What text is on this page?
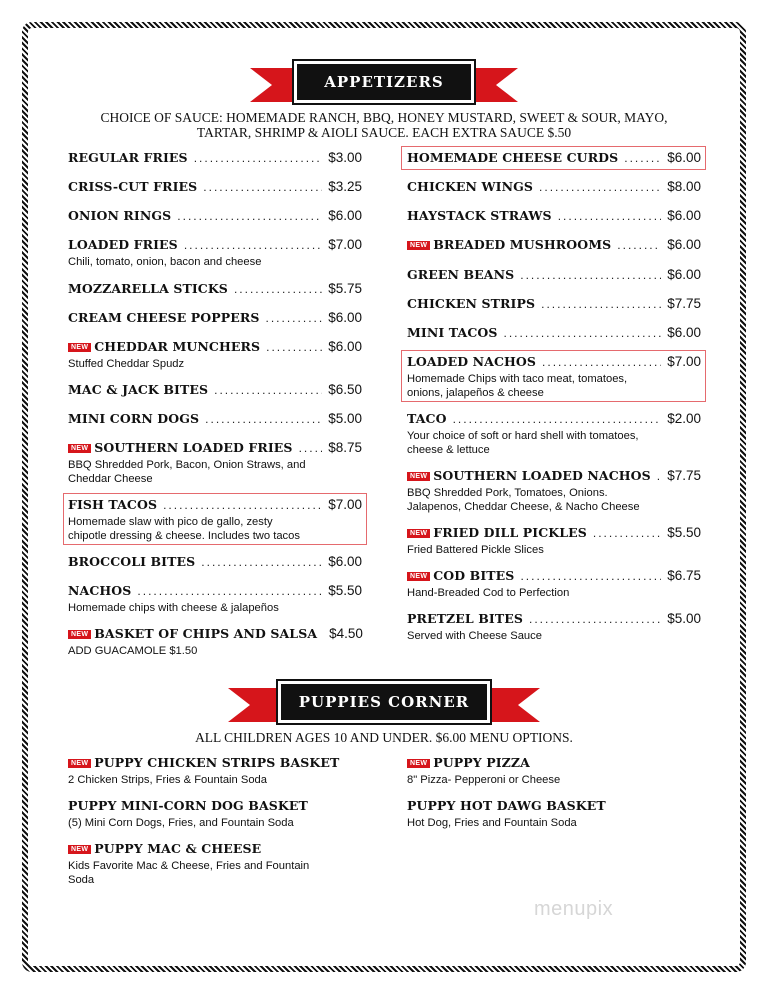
APPETIZERS
CHOICE OF SAUCE: HOMEMADE RANCH, BBQ, HONEY MUSTARD, SWEET & SOUR, MAYO,
TARTAR, SHRIMP & AIOLI SAUCE. EACH EXTRA SAUCE $.50
REGULAR FRIES .....	$3.00
CRISS-CUT FRIES .....	$3.25
ONION RINGS .....	$6.00
LOADED FRIES .....	$7.00
Chili, tomato, onion, bacon and cheese
MOZZARELLA STICKS .....	$5.75
CREAM CHEESE POPPERS .....	$6.00
NEW CHEDDAR MUNCHERS .....	$6.00
Stuffed Cheddar Spudz
MAC & JACK BITES .....	$6.50
MINI CORN DOGS .....	$5.00
NEW SOUTHERN LOADED FRIES .....	$8.75
BBQ Shredded Pork, Bacon, Onion Straws, and
Cheddar Cheese
FISH TACOS .....	$7.00
Homemade slaw with pico de gallo, zesty
chipotle dressing & cheese. Includes two tacos
BROCCOLI BITES .....	$6.00
NACHOS .....	$5.50
Homemade chips with cheese & jalapeños
NEW BASKET OF CHIPS AND SALSA $4.50
ADD GUACAMOLE $1.50
HOMEMADE CHEESE CURDS .....	$6.00
CHICKEN WINGS .....	$8.00
HAYSTACK STRAWS .....	$6.00
NEW BREADED MUSHROOMS .....	$6.00
GREEN BEANS .....	$6.00
CHICKEN STRIPS .....	$7.75
MINI TACOS .....	$6.00
LOADED NACHOS .....	$7.00
Homemade Chips with taco meat, tomatoes,
onions, jalapeños & cheese
TACO .....	$2.00
Your choice of soft or hard shell with tomatoes,
cheese & lettuce
NEW SOUTHERN LOADED NACHOS ..... $7.75
BBQ Shredded Pork, Tomatoes, Onions.
Jalapenos, Cheddar Cheese, & Nacho Cheese
NEW FRIED DILL PICKLES .....	$5.50
Fried Battered Pickle Slices
NEW COD BITES .....	$6.75
Hand-Breaded Cod to Perfection
PRETZEL BITES .....	$5.00
Served with Cheese Sauce
PUPPIES CORNER
ALL CHILDREN AGES 10 AND UNDER. $6.00 MENU OPTIONS.
NEW PUPPY CHICKEN STRIPS BASKET
2 Chicken Strips, Fries & Fountain Soda
PUPPY MINI-CORN DOG BASKET
(5) Mini Corn Dogs, Fries, and Fountain Soda
NEW PUPPY MAC & CHEESE
Kids Favorite Mac & Cheese, Fries and Fountain
Soda
NEW PUPPY PIZZA
8" Pizza- Pepperoni or Cheese
PUPPY HOT DAWG BASKET
Hot Dog, Fries and Fountain Soda
menupix
